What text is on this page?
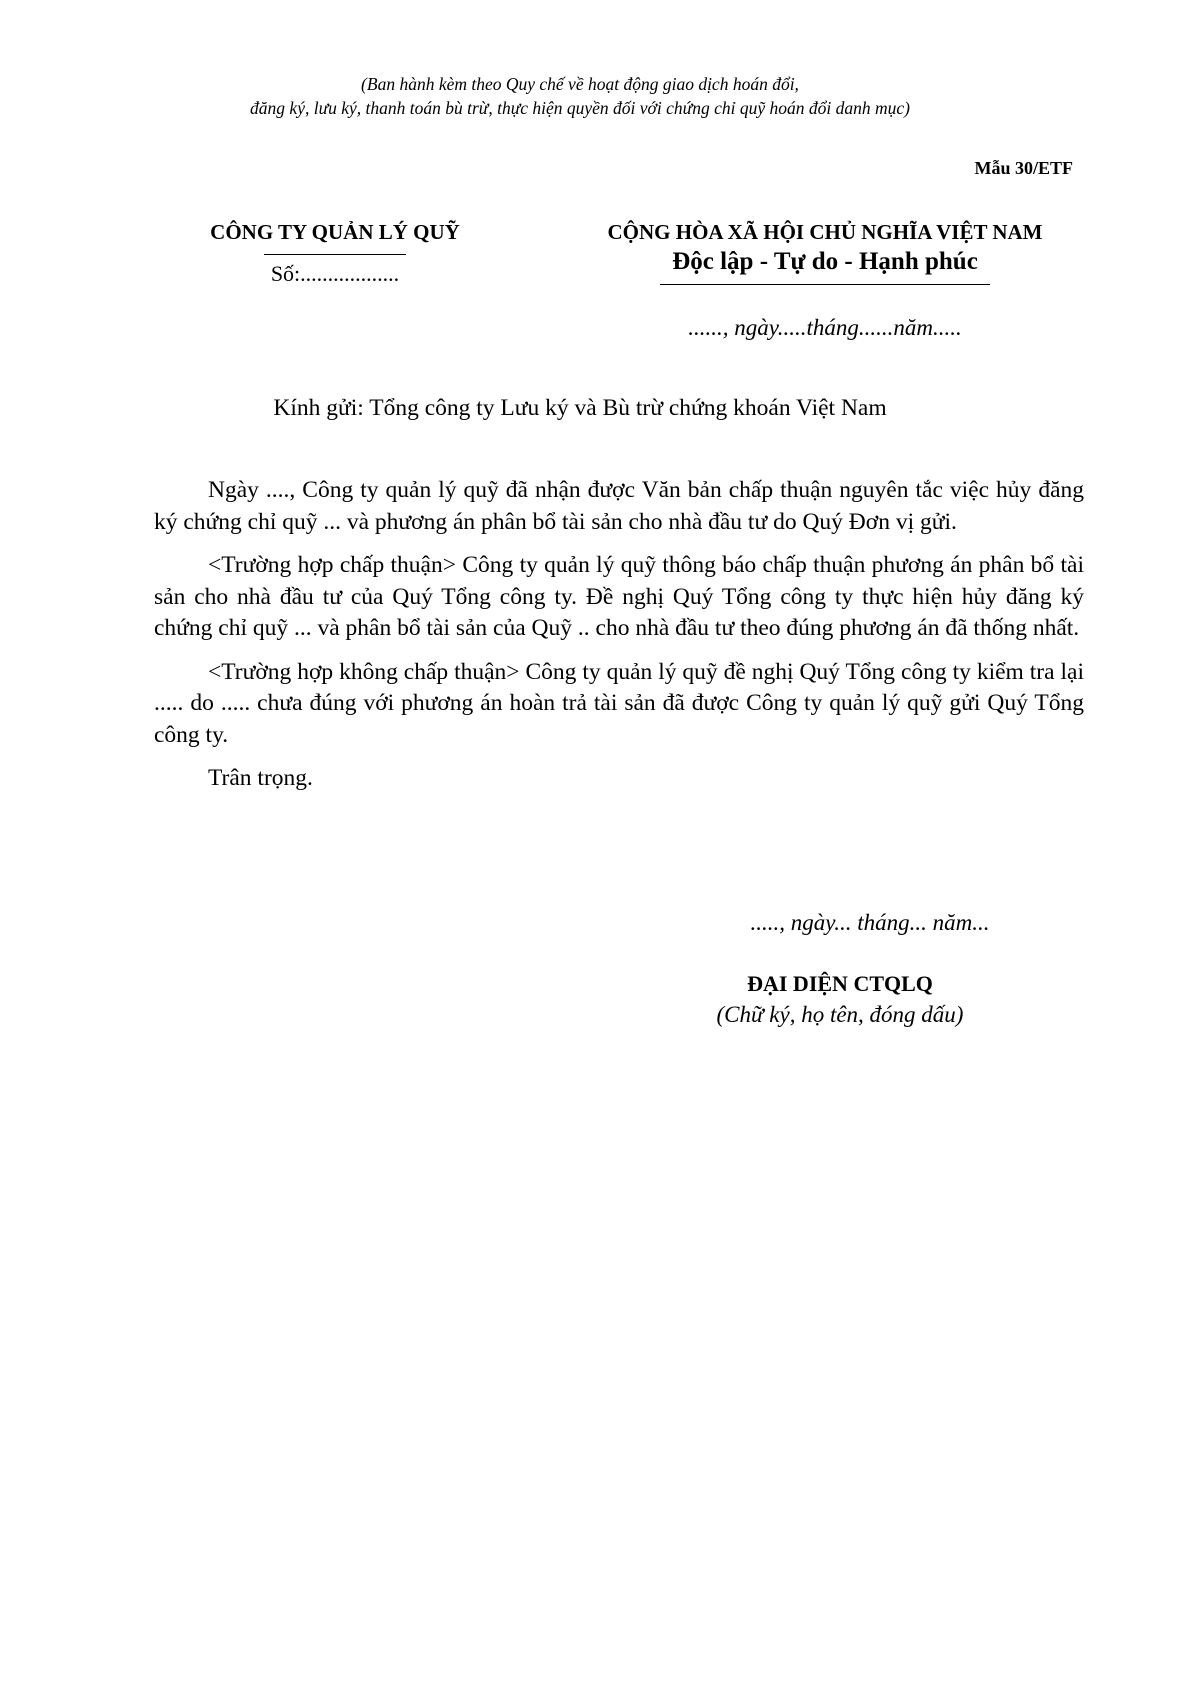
(Ban hành kèm theo Quy chế về hoạt động giao dịch hoán đổi,
đăng ký, lưu ký, thanh toán bù trừ, thực hiện quyền đối với chứng chỉ quỹ hoán đổi danh mục)
Mẫu 30/ETF
CÔNG TY QUẢN LÝ QUỸ
Số:..................
CỘNG HÒA XÃ HỘI CHỦ NGHĨA VIỆT NAM
Độc lập - Tự do - Hạnh phúc
......, ngày.....tháng......năm.....
Kính gửi: Tổng công ty Lưu ký và Bù trừ chứng khoán Việt Nam

Ngày ...., Công ty quản lý quỹ đã nhận được Văn bản chấp thuận nguyên tắc việc hủy đăng ký chứng chỉ quỹ ... và phương án phân bổ tài sản cho nhà đầu tư do Quý Đơn vị gửi.

<Trường hợp chấp thuận> Công ty quản lý quỹ thông báo chấp thuận phương án phân bổ tài sản cho nhà đầu tư của Quý Tổng công ty. Đề nghị Quý Tổng công ty thực hiện hủy đăng ký chứng chỉ quỹ ... và phân bổ tài sản của Quỹ .. cho nhà đầu tư theo đúng phương án đã thống nhất.

<Trường hợp không chấp thuận> Công ty quản lý quỹ đề nghị Quý Tổng công ty kiểm tra lại ..... do ..... chưa đúng với phương án hoàn trả tài sản đã được Công ty quản lý quỹ gửi Quý Tổng công ty.

Trân trọng.

....., ngày... tháng... năm...
ĐẠI DIỆN CTQLQ
(Chữ ký, họ tên, đóng dấu)
